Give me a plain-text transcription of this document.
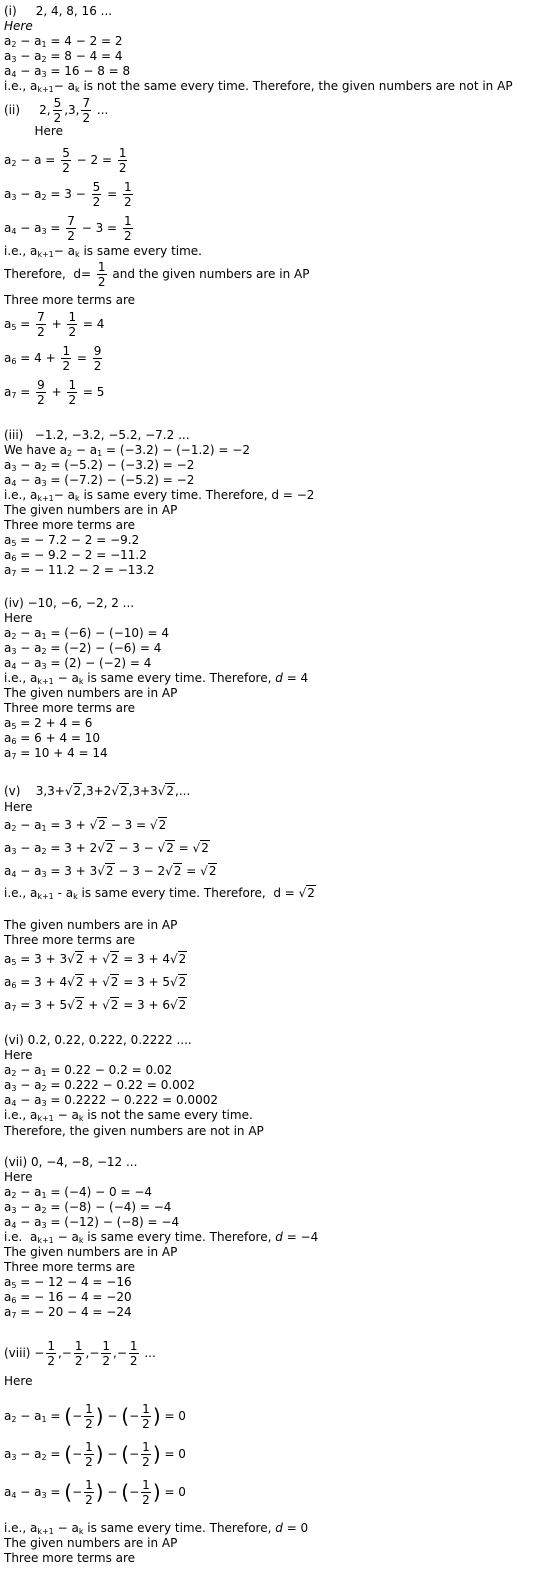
(i)     2, 4, 8, 16 ...
Here
$a_2 - a_1 = 4 - 2 = 2$
$a_3 - a_2 = 8 - 4 = 4$
$a_4 - a_3 = 16 - 8 = 8$
i.e., $a_{k+1}- a_k$ is not the same every time. Therefore, the given numbers are not in AP
(ii)     2, $\frac{5}{2} ,3$, $\frac{7}{2}$ ...
Here
$a_2 - a = \frac{5}{2} - 2 = \frac{1}{2}$
$a_3 - a_2 = 3 - \frac{5}{2} = \frac{1}{2}$
$a_4 - a_3 = \frac{7}{2} - 3 = \frac{1}{2}$
i.e., $a_{k+1}- a_k$ is same every time.
Therefore,  $d= \frac{1}{2}$ and the given numbers are in AP
Three more terms are
$a_5 = \frac{7}{2} + \frac{1}{2} = 4$
$a_6 = 4 + \frac{1}{2} = \frac{9}{2}$
$a_7 = \frac{9}{2} + \frac{1}{2} = 5$
(iii)   −1.2, −3.2, −5.2, −7.2 ...
We have $a_2 - a_1 = (-3.2) - (-1.2) = -2$
$a_3 - a_2 = (-5.2) - (-3.2) = -2$
$a_4 - a_3 = (-7.2) - (-5.2) = -2$
i.e., $a_{k+1}- a_k$ is same every time. Therefore, d = −2
The given numbers are in AP
Three more terms are
$a_5$ = − 7.2 − 2 = −9.2
$a_6$ = − 9.2 − 2 = −11.2
$a_7$ = − 11.2 − 2 = −13.2
(iv) −10, −6, −2, 2 ...
Here
$a_2 - a_1 = (-6) - (-10) = 4$
$a_3 - a_2 = (-2) - (-6) = 4$
$a_4 - a_3 = (2) - (-2) = 4$
i.e., $a_{k+1} - a_k$ is same every time. Therefore, d = 4
The given numbers are in AP
Three more terms are
$a_5 = 2 + 4 = 6$
$a_6 = 6 + 4 = 10$
$a_7 = 10 + 4 = 14$
(v)    3,3+√2,3+2√2,3+3√2,...
Here
$a_2 - a_1 = 3 + √2 - 3 = √2$
$a_3 - a_2 = 3 + 2√2 - 3 - √2 = √2$
$a_4 - a_3 = 3 + 3√2 - 3 - 2√2 = √2$
i.e., $a_{k+1} - a_k$ is same every time. Therefore,  d = √2
The given numbers are in AP
Three more terms are
$a_5 = 3 + 3√2 + √2 = 3 + 4√2$
$a_6 = 3 + 4√2 + √2 = 3 + 5√2$
$a_7 = 3 + 5√2 + √2 = 3 + 6√2$
(vi) 0.2, 0.22, 0.222, 0.2222 ....
Here
$a_2 - a_1 = 0.22 - 0.2 = 0.02$
$a_3 - a_2 = 0.222 - 0.22 = 0.002$
$a_4 - a_3 = 0.2222 - 0.222 = 0.0002$
i.e., $a_{k+1} - a_k$ is not the same every time.
Therefore, the given numbers are not in AP
(vii) 0, −4, −8, −12 ...
Here
$a_2 - a_1 = (-4) - 0 = -4$
$a_3 - a_2 = (-8) - (-4) = -4$
$a_4 - a_3 = (-12) - (-8) = -4$
i.e.  $a_{k+1} - a_k$ is same every time. Therefore, d = −4
The given numbers are in AP
Three more terms are
$a_5$ = − 12 − 4 = −16
$a_6$ = − 16 − 4 = −20
$a_7$ = − 20 − 4 = −24
(viii) − $\frac{1}{2}$ ,− $\frac{1}{2}$ ,− $\frac{1}{2}$ ,− $\frac{1}{2}$ ...
Here
$a_2 - a_1$ = (− $\frac{1}{2}$ ) − (− $\frac{1}{2}$ ) = 0
$a_3 - a_2$ = (− $\frac{1}{2}$ ) − (− $\frac{1}{2}$ ) = 0
$a_4 - a_3$ = (− $\frac{1}{2}$ ) − (− $\frac{1}{2}$ ) = 0
i.e., $a_{k+1} - a_k$ is same every time. Therefore, d = 0
The given numbers are in AP
Three more terms are
